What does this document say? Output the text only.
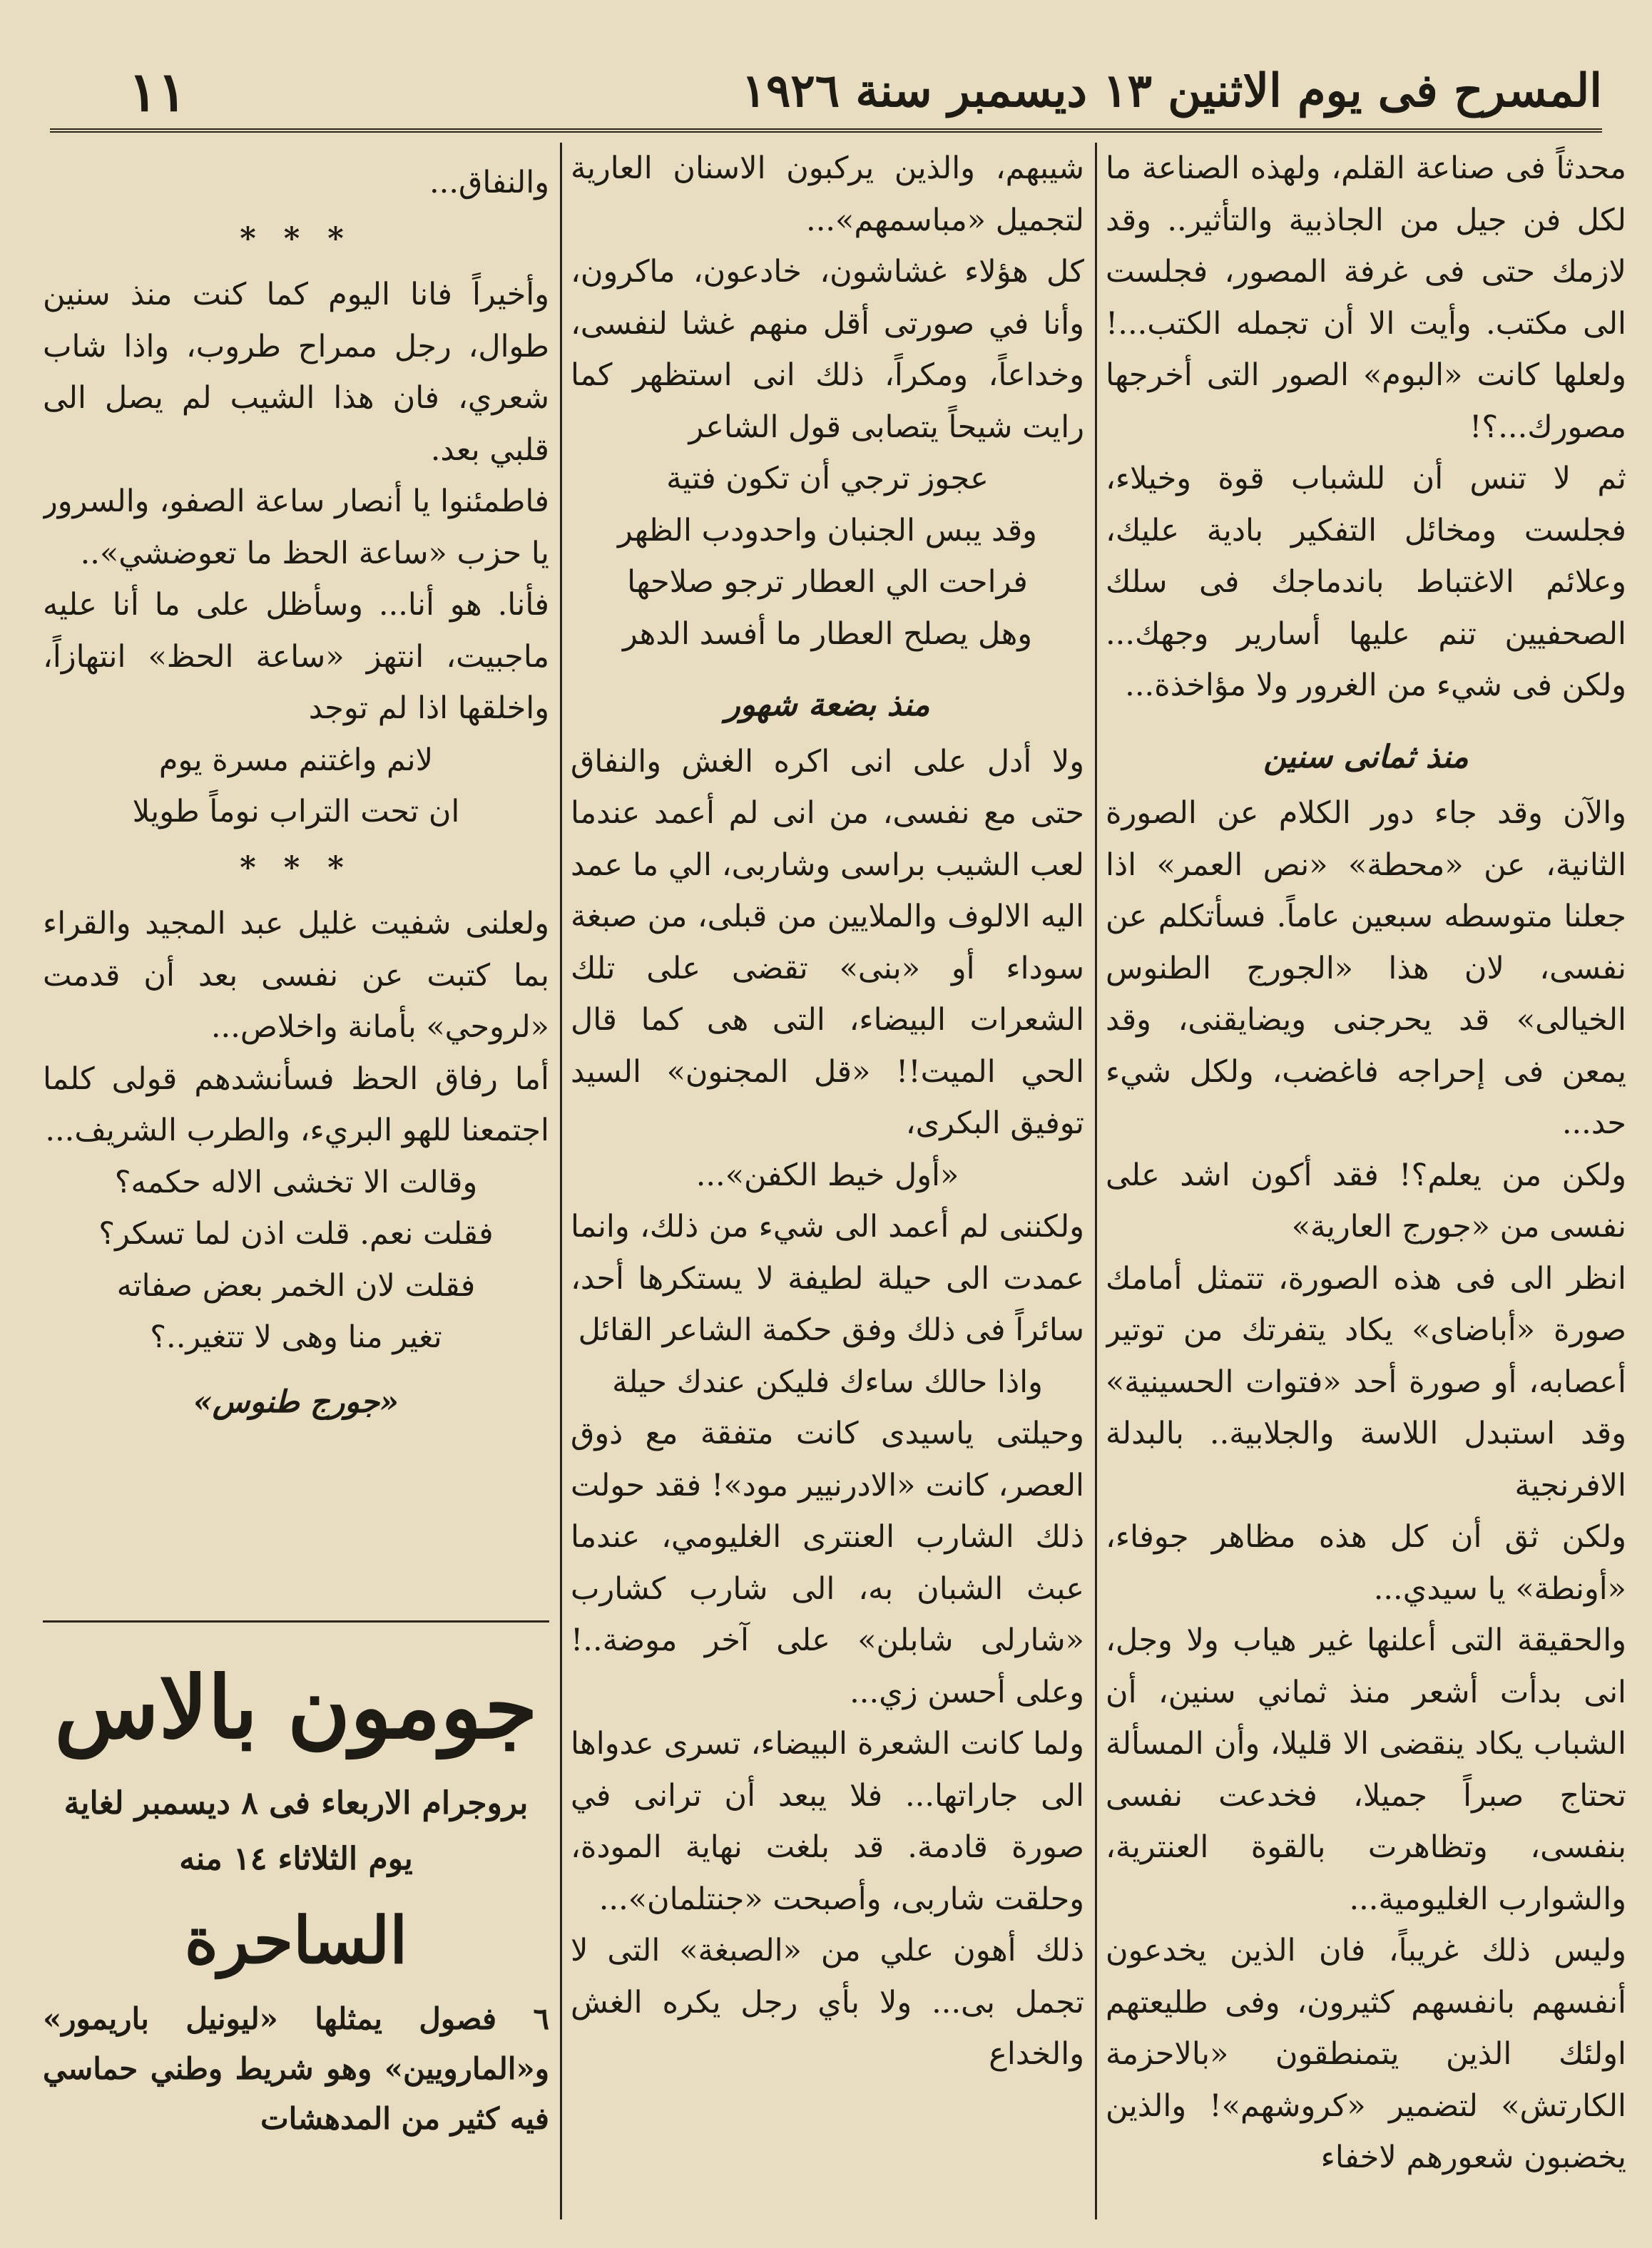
المسرح فى يوم الاثنين ١٣ ديسمبر سنة ١٩٢٦
١١

محدثاً فى صناعة القلم، ولهذه الصناعة ما لكل فن جيل من الجاذبية والتأثير.. وقد لازمك حتى فى غرفة المصور، فجلست الى مكتب. وأيت الا أن تجمله الكتب...! ولعلها كانت «البوم» الصور التى أخرجها مصورك...؟!

ثم لا تنس أن للشباب قوة وخيلاء، فجلست ومخائل التفكير بادية عليك، وعلائم الاغتباط باندماجك فى سلك الصحفيين تنم عليها أسارير وجهك... ولكن فى شيء من الغرور ولا مؤاخذة...

منذ ثمانى سنين

والآن وقد جاء دور الكلام عن الصورة الثانية، عن «محطة» «نص العمر» اذا جعلنا متوسطه سبعين عاماً. فسأتكلم عن نفسى، لان هذا «الجورج الطنوس الخيالى» قد يحرجنى ويضايقنى، وقد يمعن فى إحراجه فاغضب، ولكل شيء حد...

ولكن من يعلم؟! فقد أكون اشد على نفسى من «جورج العارية»

انظر الى فى هذه الصورة، تتمثل أمامك صورة «أباضاى» يكاد يتفرتك من توتير أعصابه، أو صورة أحد «فتوات الحسينية» وقد استبدل اللاسة والجلابية.. بالبدلة الافرنجية

ولكن ثق أن كل هذه مظاهر جوفاء، «أونطة» يا سيدي...

والحقيقة التى أعلنها غير هياب ولا وجل، انى بدأت أشعر منذ ثماني سنين، أن الشباب يكاد ينقضى الا قليلا، وأن المسألة تحتاج صبراً جميلا، فخدعت نفسى بنفسى، وتظاهرت بالقوة العنترية، والشوارب الغليومية...

وليس ذلك غريباً، فان الذين يخدعون أنفسهم بانفسهم كثيرون، وفى طليعتهم اولئك الذين يتمنطقون «بالاحزمة الكارتش» لتضمير «كروشهم»! والذين يخضبون شعورهم لاخفاء

شيبهم، والذين يركبون الاسنان العارية لتجميل «مباسمهم»...

كل هؤلاء غشاشون، خادعون، ماكرون، وأنا في صورتى أقل منهم غشا لنفسى، وخداعاً، ومكراً، ذلك انى استظهر كما رايت شيحاً يتصابى قول الشاعر

عجوز ترجي أن تكون فتية

وقد يبس الجنبان واحدودب الظهر

فراحت الي العطار ترجو صلاحها

وهل يصلح العطار ما أفسد الدهر

منذ بضعة شهور

ولا أدل على انى اكره الغش والنفاق حتى مع نفسى، من انى لم أعمد عندما لعب الشيب براسى وشاربى، الي ما عمد اليه الالوف والملايين من قبلى، من صبغة سوداء أو «بنى» تقضى على تلك الشعرات البيضاء، التى هى كما قال الحي الميت!! «قل المجنون» السيد توفيق البكرى،

«أول خيط الكفن»...

ولكننى لم أعمد الى شيء من ذلك، وانما عمدت الى حيلة لطيفة لا يستكرها أحد، سائراً فى ذلك وفق حكمة الشاعر القائل

واذا حالك ساءك فليكن عندك حيلة

وحيلتى ياسيدى كانت متفقة مع ذوق العصر، كانت «الادرنيير مود»! فقد حولت ذلك الشارب العنترى الغليومي، عندما عبث الشبان به، الى شارب كشارب «شارلى شابلن» على آخر موضة..! وعلى أحسن زي...

ولما كانت الشعرة البيضاء، تسرى عدواها الى جاراتها... فلا يبعد أن ترانى في صورة قادمة. قد بلغت نهاية المودة، وحلقت شاربى، وأصبحت «جنتلمان»...

ذلك أهون علي من «الصبغة» التى لا تجمل بى... ولا بأي رجل يكره الغش والخداع

والنفاق...

* * *

وأخيراً فانا اليوم كما كنت منذ سنين طوال، رجل ممراح طروب، واذا شاب شعري، فان هذا الشيب لم يصل الى قلبي بعد.

فاطمئنوا يا أنصار ساعة الصفو، والسرور يا حزب «ساعة الحظ ما تعوضشي»..

فأنا. هو أنا... وسأظل على ما أنا عليه ماجبيت، انتهز «ساعة الحظ» انتهازاً، واخلقها اذا لم توجد

لانم واغتنم مسرة يوم

ان تحت التراب نوماً طويلا

* * *

ولعلنى شفيت غليل عبد المجيد والقراء بما كتبت عن نفسى بعد أن قدمت «لروحي» بأمانة واخلاص...

أما رفاق الحظ فسأنشدهم قولى كلما اجتمعنا للهو البريء، والطرب الشريف...

وقالت الا تخشى الاله حكمه؟

فقلت نعم. قلت اذن لما تسكر؟

فقلت لان الخمر بعض صفاته

تغير منا وهى لا تتغير..؟

«جورج طنوس»
جومون بالاس
بروجرام الاربعاء فى ٨ ديسمبر لغاية
يوم الثلاثاء ١٤ منه
الساحرة
٦ فصول يمثلها «ليونيل باريمور» و«المارويين» وهو شريط وطني حماسي فيه كثير من المدهشات
